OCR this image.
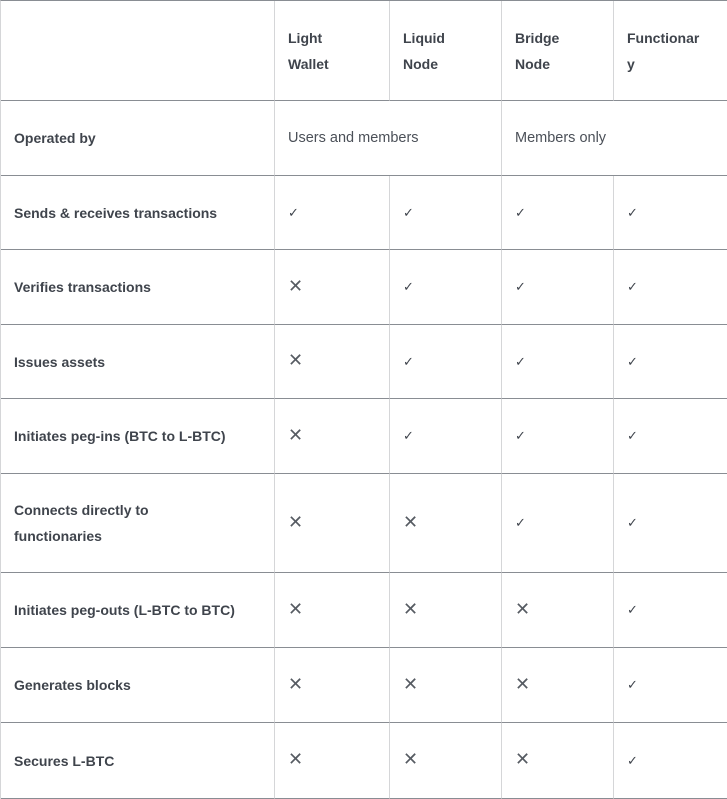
	Light Wallet	Liquid Node	Bridge Node	Functionary
Operated by	Users and members		Members only	
Sends & receives transactions	✓	✓	✓	✓
Verifies transactions	✕	✓	✓	✓
Issues assets	✕	✓	✓	✓
Initiates peg-ins (BTC to L-BTC)	✕	✓	✓	✓
Connects directly to functionaries	✕	✕	✓	✓
Initiates peg-outs (L-BTC to BTC)	✕	✕	✕	✓
Generates blocks	✕	✕	✕	✓
Secures L-BTC	✕	✕	✕	✓
